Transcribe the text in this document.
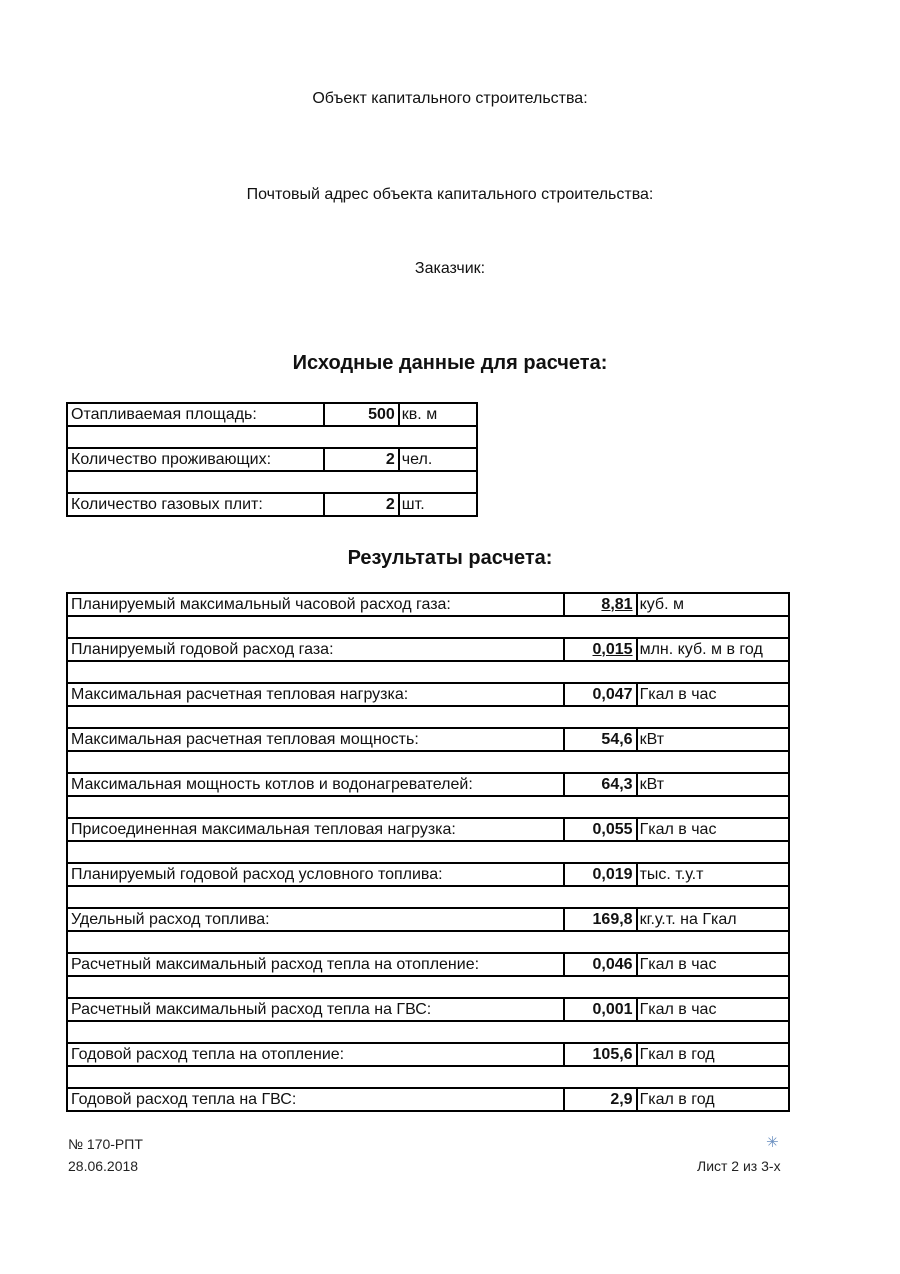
Объект капитального строительства:
Почтовый адрес объекта капитального строительства:
Заказчик:
Исходные данные для расчета:
Отапливаемая площадь:	500	кв. м

Количество проживающих:	2	чел.

Количество газовых плит:	2	шт.
Результаты расчета:
Планируемый максимальный часовой расход газа:	8,81	куб. м

Планируемый годовой расход газа:	0,015	млн. куб. м в год

Максимальная расчетная тепловая нагрузка:	0,047	Гкал в час

Максимальная расчетная тепловая мощность:	54,6	кВт

Максимальная мощность котлов и водонагревателей:	64,3	кВт

Присоединенная максимальная тепловая нагрузка:	0,055	Гкал в час

Планируемый годовой расход условного топлива:	0,019	тыс. т.у.т

Удельный расход топлива:	169,8	кг.у.т. на Гкал

Расчетный максимальный расход тепла на отопление:	0,046	Гкал в час

Расчетный максимальный расход тепла на ГВС:	0,001	Гкал в час

Годовой расход тепла на отопление:	105,6	Гкал в год

Годовой расход тепла на ГВС:	2,9	Гкал в год
№ 170-РПТ
28.06.2018
✳
Лист 2 из 3-х
